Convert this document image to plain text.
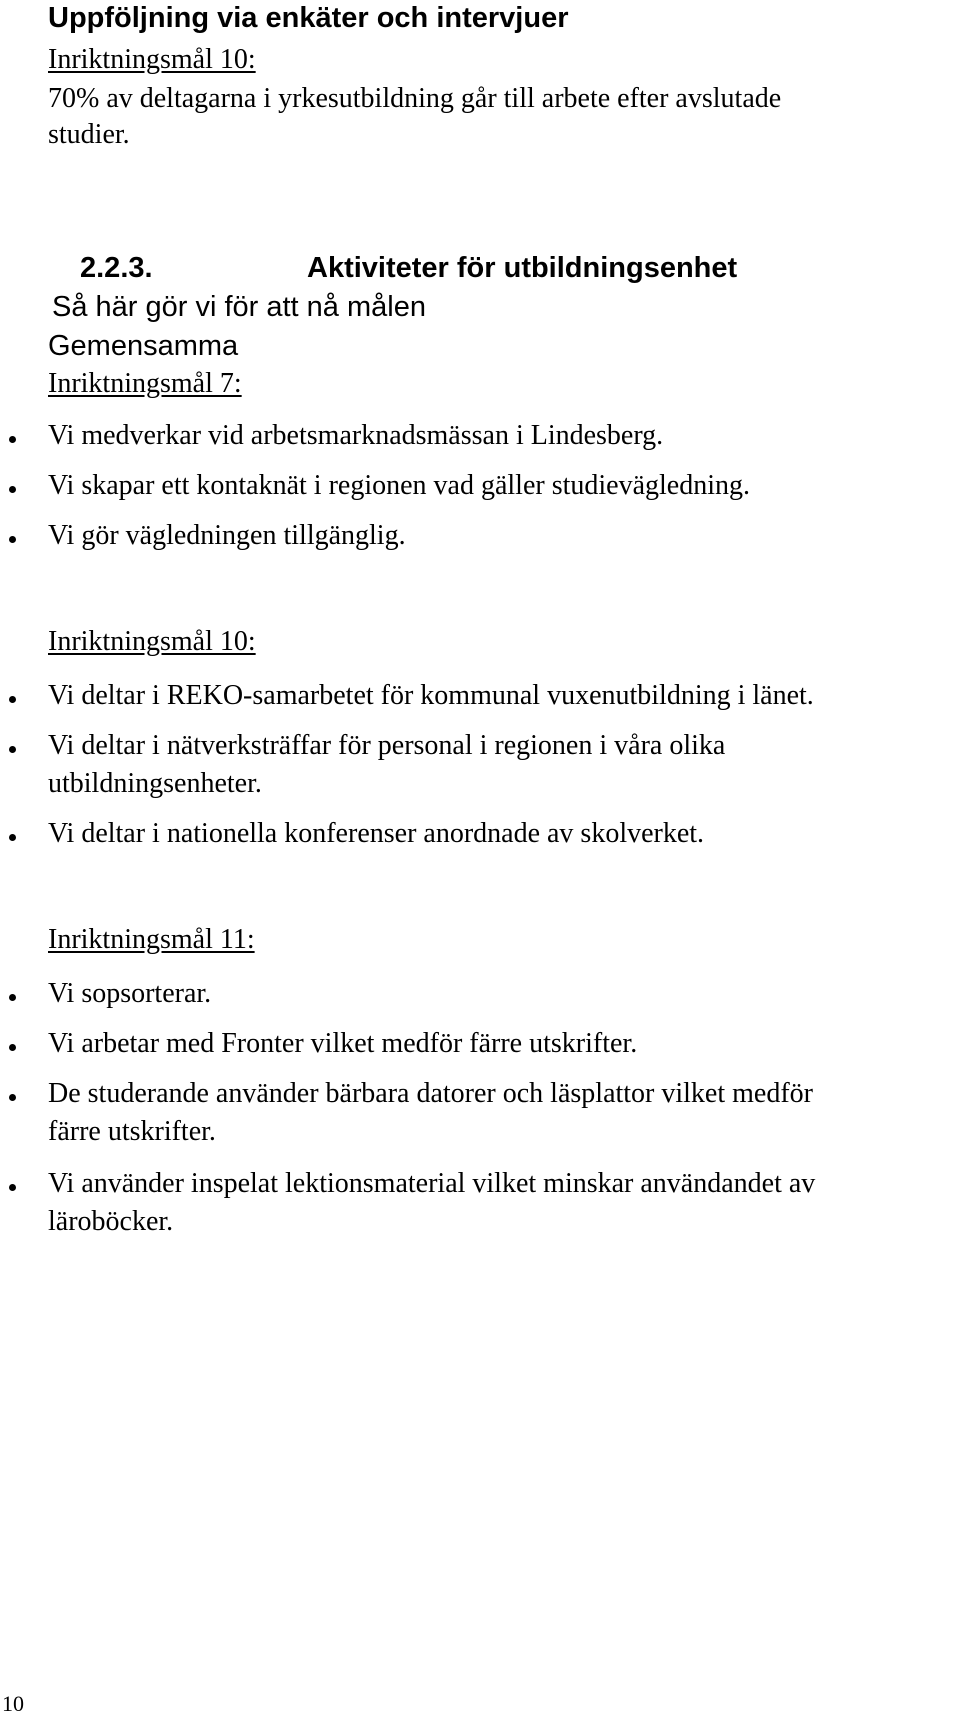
Uppföljning via enkäter och intervjuer
Inriktningsmål 10:
70% av deltagarna i yrkesutbildning går till arbete efter avslutade
studier.
2.2.3.	Aktiviteter för utbildningsenhet
Så här gör vi för att nå målen
Gemensamma
Inriktningsmål 7:
Vi medverkar vid arbetsmarknadsmässan i Lindesberg.
Vi skapar ett kontaknät i regionen vad gäller studievägledning.
Vi gör vägledningen tillgänglig.
Inriktningsmål 10:
Vi deltar i REKO-samarbetet för kommunal vuxenutbildning i länet.
Vi deltar i nätverksträffar för personal i regionen i våra olika
utbildningsenheter.
Vi deltar i nationella konferenser anordnade av skolverket.
Inriktningsmål 11:
Vi sopsorterar.
Vi arbetar med Fronter vilket medför färre utskrifter.
De studerande använder bärbara datorer och läsplattor vilket medför
färre utskrifter.
Vi använder inspelat lektionsmaterial vilket minskar användandet av
läroböcker.
10
